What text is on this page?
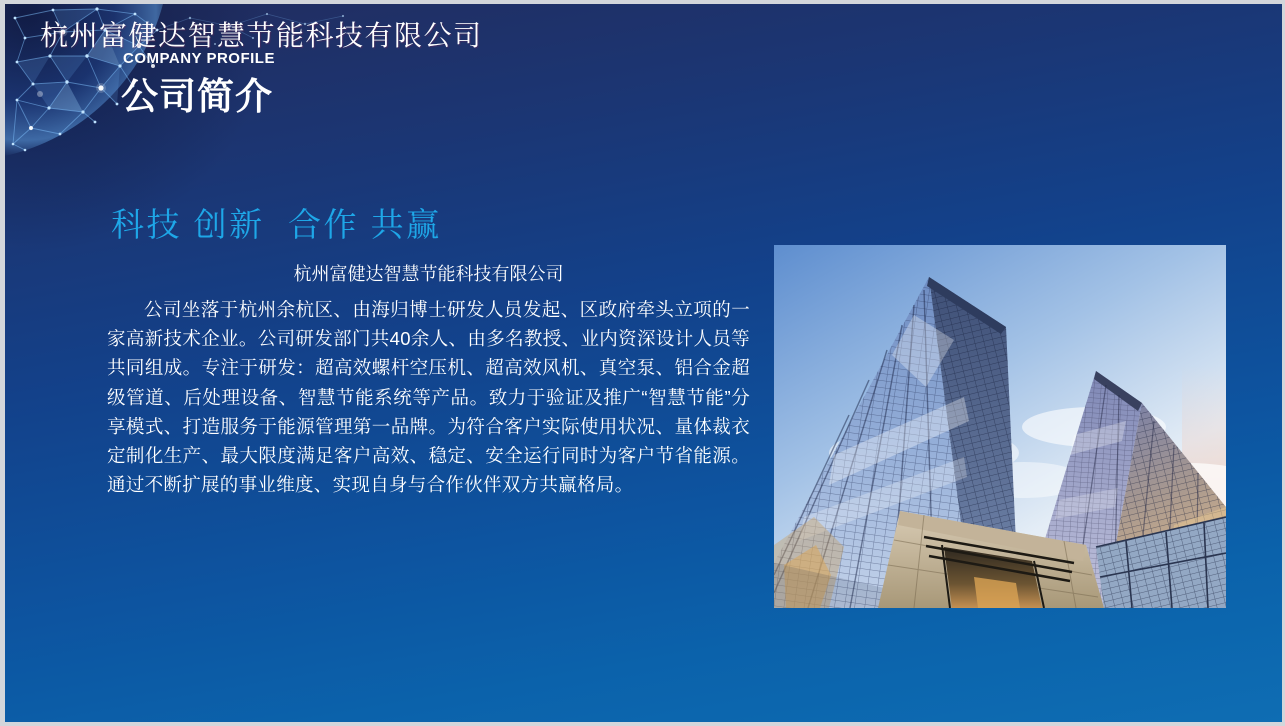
杭州富健达智慧节能科技有限公司
COMPANY PROFILE
公司简介
科技 创新  合作 共赢
杭州富健达智慧节能科技有限公司

公司坐落于杭州余杭区、由海归博士研发人员发起、区政府牵头立项的一家高新技术企业。公司研发部门共40余人、由多名教授、业内资深设计人员等共同组成。专注于研发：超高效螺杆空压机、超高效风机、真空泵、铝合金超级管道、后处理设备、智慧节能系统等产品。致力于验证及推广“智慧节能”分享模式、打造服务于能源管理第一品牌。为符合客户实际使用状况、量体裁衣定制化生产、最大限度满足客户高效、稳定、安全运行同时为客户节省能源。通过不断扩展的事业维度、实现自身与合作伙伴双方共赢格局。
